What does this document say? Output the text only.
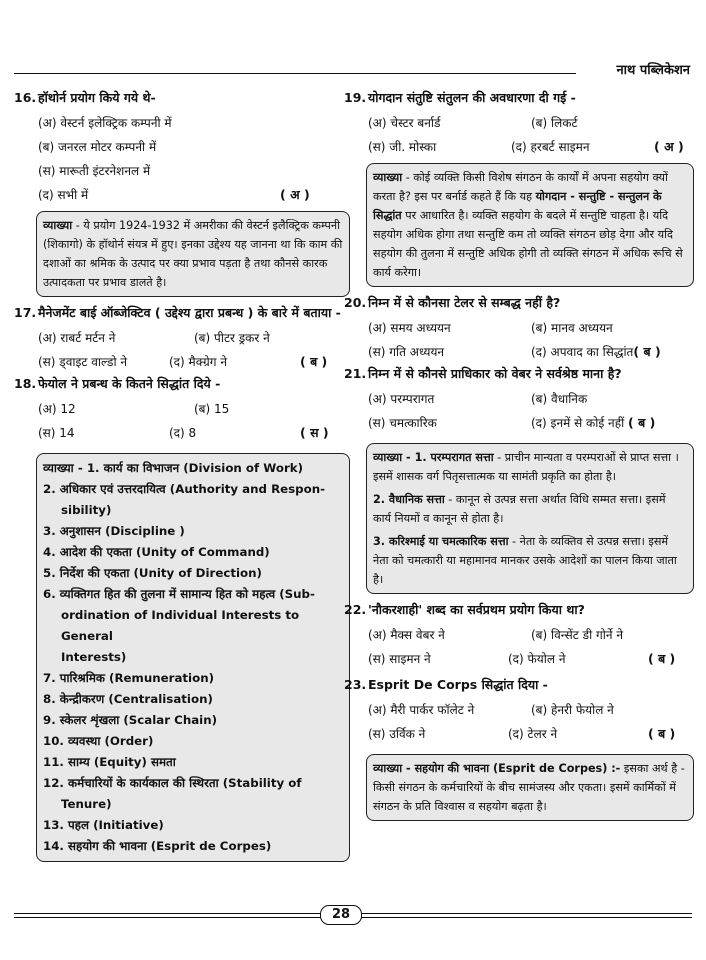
नाथ पब्लिकेशन
16. हॉथोर्न प्रयोग किये गये थे-
(अ) वेस्टर्न इलेक्ट्रिक कम्पनी में
(ब) जनरल मोटर कम्पनी में
(स) मारूती इंटरनेशनल में
(द) सभी में	( अ )
व्याख्या - ये प्रयोग 1924-1932 में अमरीका की वेस्टर्न इलैक्ट्रिक कम्पनी (शिकागो) के हॉथोर्न संयत्र में हुए। इनका उद्देश्य यह जानना था कि काम की दशाओं का श्रमिक के उत्पाद पर क्या प्रभाव पड़ता है तथा कौनसे कारक उत्पादकता पर प्रभाव डालते है।
17. मैनेजमेंट बाई ऑब्जेक्टिव ( उद्देश्य द्वारा प्रबन्ध ) के बारे में बताया -
(अ) राबर्ट मर्टन ने	(ब) पीटर ड्रकर ने
(स) ड्वाइट वाल्डो ने	(द) मैक्ग्रेग ने	( ब )
18. फेयोल ने प्रबन्ध के कितने सिद्धांत दिये -
(अ) 12	(ब) 15
(स) 14	(द) 8	( स )
व्याख्या - 1. कार्य का विभाजन (Division of Work)
2. अधिकार एवं उत्तरदायित्व (Authority and Respon-
sibility)
3. अनुशासन (Discipline )
4. आदेश की एकता (Unity of Command)
5. निर्देश की एकता (Unity of Direction)
6. व्यक्तिगत हित की तुलना में सामान्य हित को महत्व (Sub-
ordination of Individual Interests to General
Interests)
7. पारिश्रमिक (Remuneration)
8. केन्द्रीकरण (Centralisation)
9. स्केलर शृंखला (Scalar Chain)
10. व्यवस्था (Order)
11. साम्य (Equity) समता
12. कर्मचारियों के कार्यकाल की स्थिरता (Stability of
Tenure)
13. पहल (Initiative)
14. सहयोग की भावना (Esprit de Corpes)
19. योगदान संतुष्टि संतुलन की अवधारणा दी गई -
(अ) चेस्टर बर्नार्ड	(ब) लिकर्ट
(स) जी. मोस्का	(द) हरबर्ट साइमन	( अ )
व्याख्या - कोई व्यक्ति किसी विशेष संगठन के कार्यों में अपना सहयोग क्यों करता है? इस पर बर्नार्ड कहते हैं कि यह योगदान - सन्तुष्टि - सन्तुलन के सिद्धांत पर आधारित है। व्यक्ति सहयोग के बदले में सन्तुष्टि चाहता है। यदि सहयोग अधिक होगा तथा सन्तुष्टि कम तो व्यक्ति संगठन छोड़ देगा और यदि सहयोग की तुलना में सन्तुष्टि अधिक होगी तो व्यक्ति संगठन में अधिक रूचि से कार्य करेगा।
20. निम्न में से कौनसा टेलर से सम्बद्ध नहीं है?
(अ) समय अध्ययन	(ब) मानव अध्ययन
(स) गति अध्ययन	(द) अपवाद का सिद्धांत( ब )
21. निम्न में से कौनसे प्राधिकार को वेबर ने सर्वश्रेष्ठ माना है?
(अ) परम्परागत	(ब) वैधानिक
(स) चमत्कारिक	(द) इनमें से कोई नहीं ( ब )
व्याख्या - 1. परम्परागत सत्ता - प्राचीन मान्यता व परम्पराओं से प्राप्त सत्ता । इसमें शासक वर्ग पितृसत्तात्मक या सामंती प्रकृति का होता है।
2. वैधानिक सत्ता - कानून से उत्पन्न सत्ता अर्थात विधि सम्मत सत्ता। इसमें कार्य नियमों व कानून से होता है।
3. करिश्माई या चमत्कारिक सत्ता - नेता के व्यक्तिव से उत्पन्न सत्ता। इसमें नेता को चमत्कारी या महामानव मानकर उसके आदेशों का पालन किया जाता है।
22. 'नौकरशाही' शब्द का सर्वप्रथम प्रयोग किया था?
(अ) मैक्स वेबर ने	(ब) विन्सेंट डी गोर्ने ने
(स) साइमन ने	(द) फेयोल ने	( ब )
23. Esprit De Corps सिद्धांत दिया -
(अ) मैरी पार्कर फॉलेट ने	(ब) हेनरी फेयोल ने
(स) उर्विक ने	(द) टेलर ने	( ब )
व्याख्या - सहयोग की भावना (Esprit de Corpes) :- इसका अर्थ है - किसी संगठन के कर्मचारियों के बीच सामंजस्य और एकता। इसमें कार्मिकों में संगठन के प्रति विश्वास व सहयोग बढ़ता है।
28
